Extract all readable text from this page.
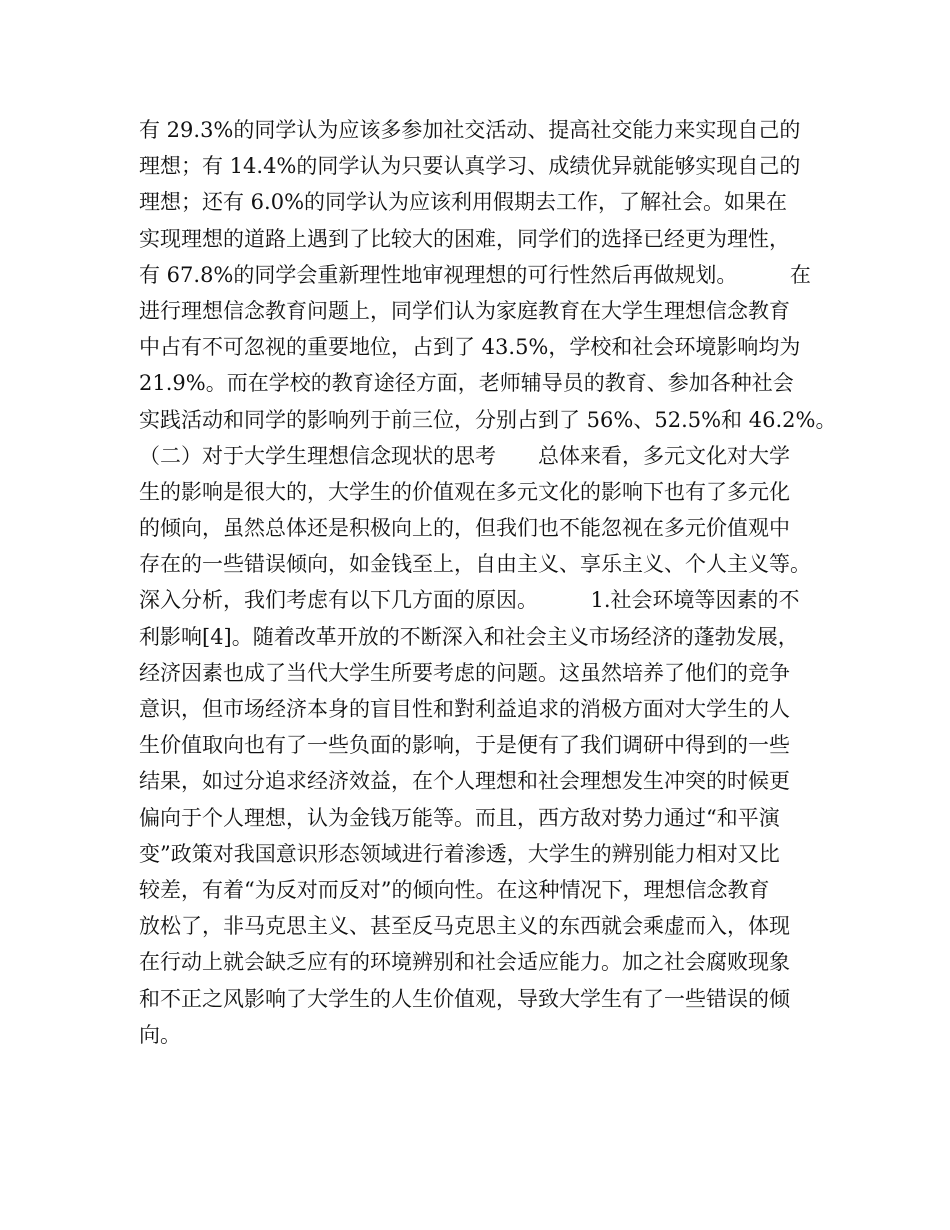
有 29.3%的同学认为应该多参加社交活动、提高社交能力来实现自己的
理想；有 14.4%的同学认为只要认真学习、成绩优异就能够实现自己的
理想；还有 6.0%的同学认为应该利用假期去工作，了解社会。如果在
实现理想的道路上遇到了比较大的困难，同学们的选择已经更为理性，
有 67.8%的同学会重新理性地审视理想的可行性然后再做规划。　　　在
进行理想信念教育问题上，同学们认为家庭教育在大学生理想信念教育
中占有不可忽视的重要地位，占到了 43.5%，学校和社会环境影响均为
21.9%。而在学校的教育途径方面，老师辅导员的教育、参加各种社会
实践活动和同学的影响列于前三位，分别占到了 56%、52.5%和 46.2%。
（二）对于大学生理想信念现状的思考　　总体来看，多元文化对大学
生的影响是很大的，大学生的价值观在多元文化的影响下也有了多元化
的倾向，虽然总体还是积极向上的，但我们也不能忽视在多元价值观中
存在的一些错误倾向，如金钱至上，自由主义、享乐主义、个人主义等。
深入分析，我们考虑有以下几方面的原因。　　　1.社会环境等因素的不
利影响[4]。随着改革开放的不断深入和社会主义市场经济的蓬勃发展，
经济因素也成了当代大学生所要考虑的问题。这虽然培养了他们的竞争
意识，但市场经济本身的盲目性和對利益追求的消极方面对大学生的人
生价值取向也有了一些负面的影响，于是便有了我们调研中得到的一些
结果，如过分追求经济效益，在个人理想和社会理想发生冲突的时候更
偏向于个人理想，认为金钱万能等。而且，西方敌对势力通过“和平演
变”政策对我国意识形态领域进行着渗透，大学生的辨别能力相对又比
较差，有着“为反对而反对”的倾向性。在这种情况下，理想信念教育
放松了，非马克思主义、甚至反马克思主义的东西就会乘虚而入，体现
在行动上就会缺乏应有的环境辨别和社会适应能力。加之社会腐败现象
和不正之风影响了大学生的人生价值观，导致大学生有了一些错误的倾
向。
